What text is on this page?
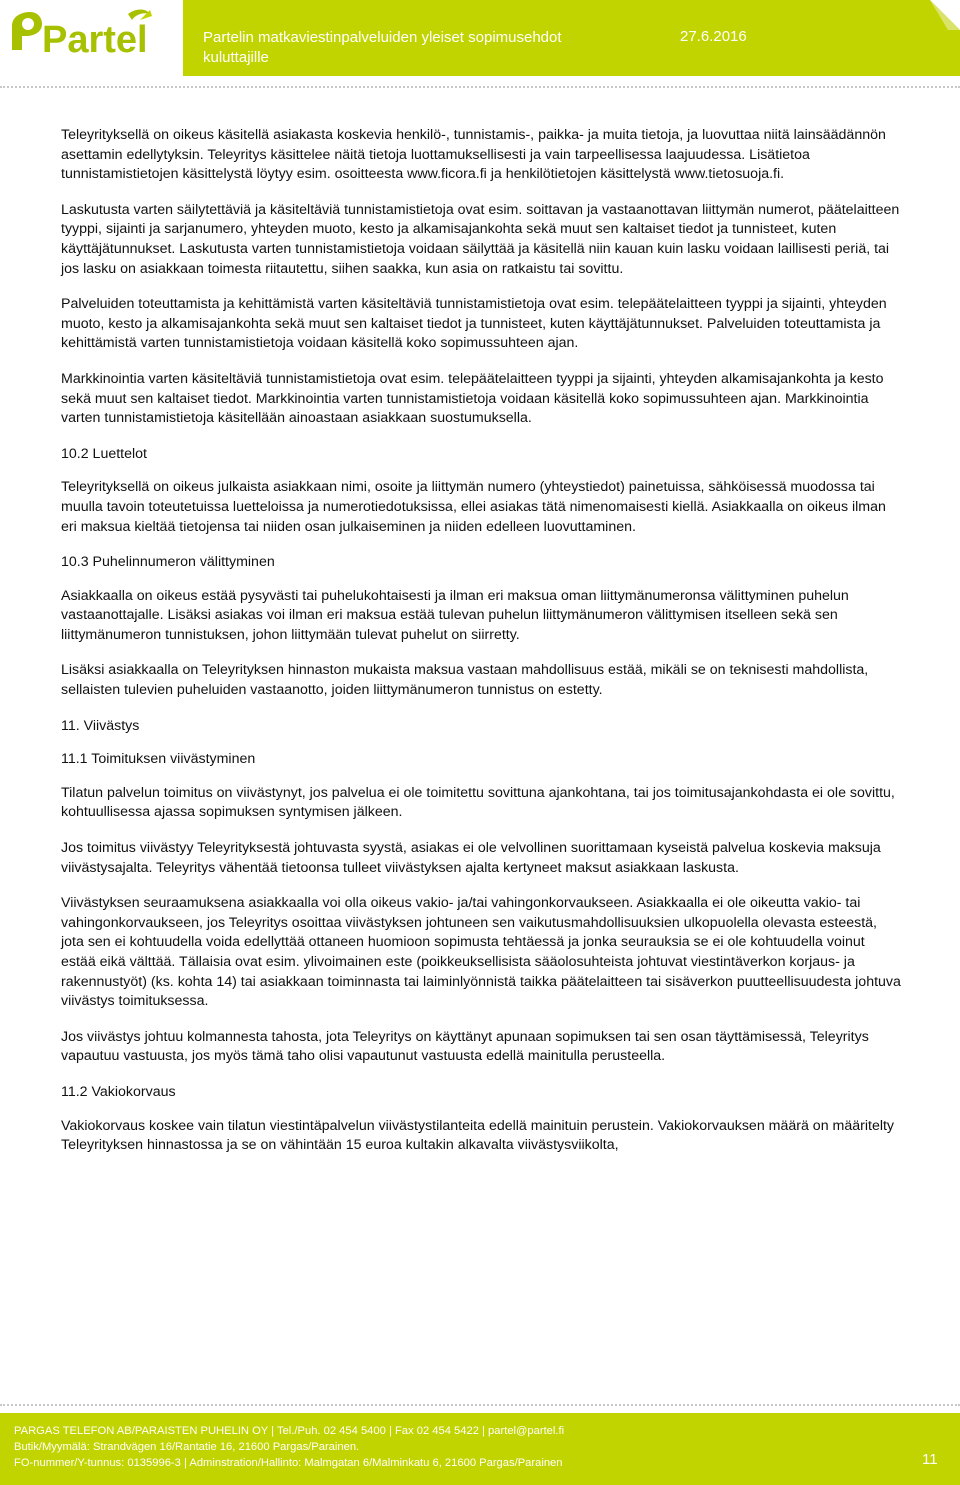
Partel	Partelin matkaviestinpalveluiden yleiset sopimusehdot kuluttajille
27.6.2016

Teleyrityksellä on oikeus käsitellä asiakasta koskevia henkilö-, tunnistamis-, paikka- ja muita tietoja, ja luovuttaa niitä lainsäädännön asettamin edellytyksin. Teleyritys käsittelee näitä tietoja luottamuksellisesti ja vain tarpeellisessa laajuudessa. Lisätietoa tunnistamistietojen käsittelystä löytyy esim. osoitteesta www.ficora.fi ja henkilötietojen käsittelystä www.tietosuoja.fi.

Laskutusta varten säilytettäviä ja käsiteltäviä tunnistamistietoja ovat esim. soittavan ja vastaanottavan liittymän numerot, päätelaitteen tyyppi, sijainti ja sarjanumero, yhteyden muoto, kesto ja alkamisajankohta sekä muut sen kaltaiset tiedot ja tunnisteet, kuten käyttäjätunnukset. Laskutusta varten tunnistamistietoja voidaan säilyttää ja käsitellä niin kauan kuin lasku voidaan laillisesti periä, tai jos lasku on asiakkaan toimesta riitautettu, siihen saakka, kun asia on ratkaistu tai sovittu.

Palveluiden toteuttamista ja kehittämistä varten käsiteltäviä tunnistamistietoja ovat esim. telepäätelaitteen tyyppi ja sijainti, yhteyden muoto, kesto ja alkamisajankohta sekä muut sen kaltaiset tiedot ja tunnisteet, kuten käyttäjätunnukset. Palveluiden toteuttamista ja kehittämistä varten tunnistamistietoja voidaan käsitellä koko sopimussuhteen ajan.

Markkinointia varten käsiteltäviä tunnistamistietoja ovat esim. telepäätelaitteen tyyppi ja sijainti, yhteyden alkamisajankohta ja kesto sekä muut sen kaltaiset tiedot. Markkinointia varten tunnistamistietoja voidaan käsitellä koko sopimussuhteen ajan. Markkinointia varten tunnistamistietoja käsitellään ainoastaan asiakkaan suostumuksella.

10.2 Luettelot

Teleyrityksellä on oikeus julkaista asiakkaan nimi, osoite ja liittymän numero (yhteystiedot) painetuissa, sähköisessä muodossa tai muulla tavoin toteutetuissa luetteloissa ja numerotiedotuksissa, ellei asiakas tätä nimenomaisesti kiellä. Asiakkaalla on oikeus ilman eri maksua kieltää tietojensa tai niiden osan julkaiseminen ja niiden edelleen luovuttaminen.

10.3 Puhelinnumeron välittyminen

Asiakkaalla on oikeus estää pysyvästi tai puhelukohtaisesti ja ilman eri maksua oman liittymänumeronsa välittyminen puhelun vastaanottajalle. Lisäksi asiakas voi ilman eri maksua estää tulevan puhelun liittymänumeron välittymisen itselleen sekä sen liittymänumeron tunnistuksen, johon liittymään tulevat puhelut on siirretty.

Lisäksi asiakkaalla on Teleyrityksen hinnaston mukaista maksua vastaan mahdollisuus estää, mikäli se on teknisesti mahdollista, sellaisten tulevien puheluiden vastaanotto, joiden liittymänumeron tunnistus on estetty.

11. Viivästys
11.1 Toimituksen viivästyminen

Tilatun palvelun toimitus on viivästynyt, jos palvelua ei ole toimitettu sovittuna ajankohtana, tai jos toimitusajankohdasta ei ole sovittu, kohtuullisessa ajassa sopimuksen syntymisen jälkeen.

Jos toimitus viivästyy Teleyrityksestä johtuvasta syystä, asiakas ei ole velvollinen suorittamaan kyseistä palvelua koskevia maksuja viivästysajalta. Teleyritys vähentää tietoonsa tulleet viivästyksen ajalta kertyneet maksut asiakkaan laskusta.

Viivästyksen seuraamuksena asiakkaalla voi olla oikeus vakio- ja/tai vahingonkorvaukseen. Asiakkaalla ei ole oikeutta vakio- tai vahingonkorvaukseen, jos Teleyritys osoittaa viivästyksen johtuneen sen vaikutusmahdollisuuksien ulkopuolella olevasta esteestä, jota sen ei kohtuudella voida edellyttää ottaneen huomioon sopimusta tehtäessä ja jonka seurauksia se ei ole kohtuudella voinut estää eikä välttää. Tällaisia ovat esim. ylivoimainen este (poikkeuksellisista sääolosuhteista johtuvat viestintäverkon korjaus- ja rakennustyöt) (ks. kohta 14) tai asiakkaan toiminnasta tai laiminlyönnistä taikka päätelaitteen tai sisäverkon puutteellisuudesta johtuva viivästys toimituksessa.

Jos viivästys johtuu kolmannesta tahosta, jota Teleyritys on käyttänyt apunaan sopimuksen tai sen osan täyttämisessä, Teleyritys vapautuu vastuusta, jos myös tämä taho olisi vapautunut vastuusta edellä mainitulla perusteella.

11.2 Vakiokorvaus

Vakiokorvaus koskee vain tilatun viestintäpalvelun viivästystilanteita edellä mainituin perustein. Vakiokorvauksen määrä on määritelty Teleyrityksen hinnastossa ja se on vähintään 15 euroa kultakin alkavalta viivästysviikolta,

PARGAS TELEFON AB/PARAISTEN PUHELIN OY | Tel./Puh. 02 454 5400 | Fax 02 454 5422 | partel@partel.fi
Butik/Myymälä: Strandvägen 16/Rantatie 16, 21600 Pargas/Parainen.
FO-nummer/Y-tunnus: 0135996-3 | Adminstration/Hallinto: Malmgatan 6/Malminkatu 6, 21600 Pargas/Parainen	11
